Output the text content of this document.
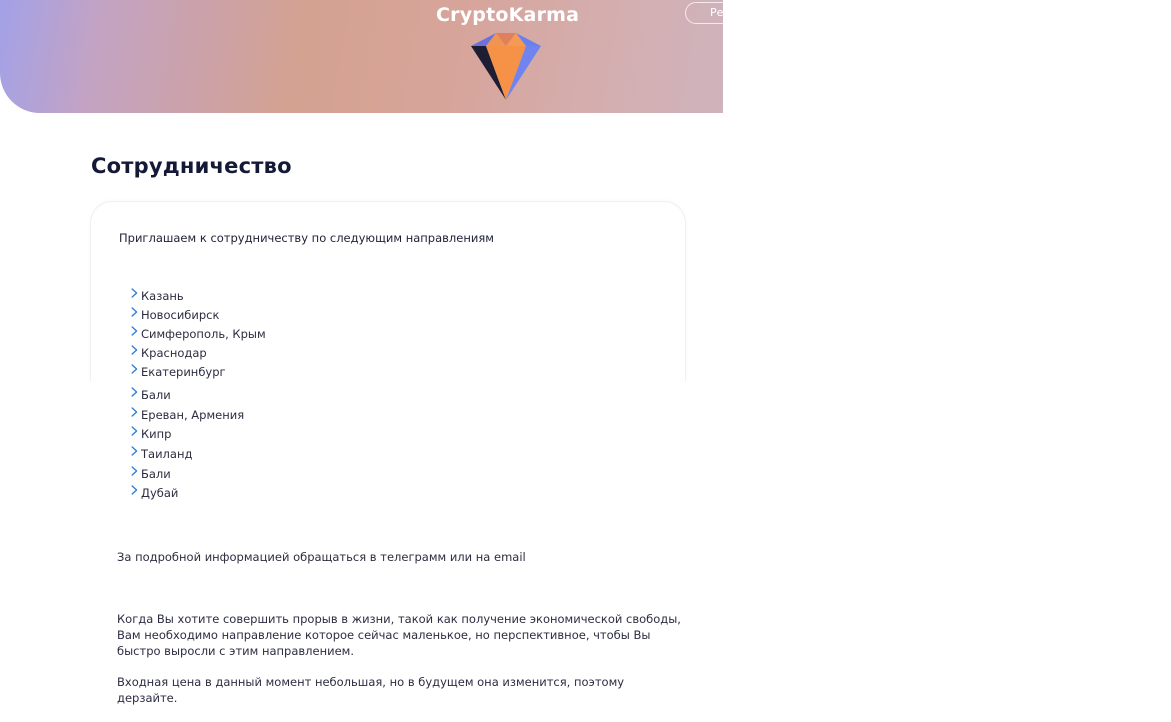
CryptoKarma	Ре
Сотрудничество
Приглашаем к сотрудничеству по следующим направлениям
Казань
Новосибирск
Симферополь, Крым
Краснодар
Екатеринбург
Бали
Ереван, Армения
Кипр
Таиланд
Бали
Дубай
За подробной информацией обращаться в телеграмм или на email

Когда Вы хотите совершить прорыв в жизни, такой как получение экономической свободы, Вам необходимо направление которое сейчас маленькое, но перспективное, чтобы Вы быстро выросли с этим направлением.

Входная цена в данный момент небольшая, но в будущем она изменится, поэтому дерзайте.
